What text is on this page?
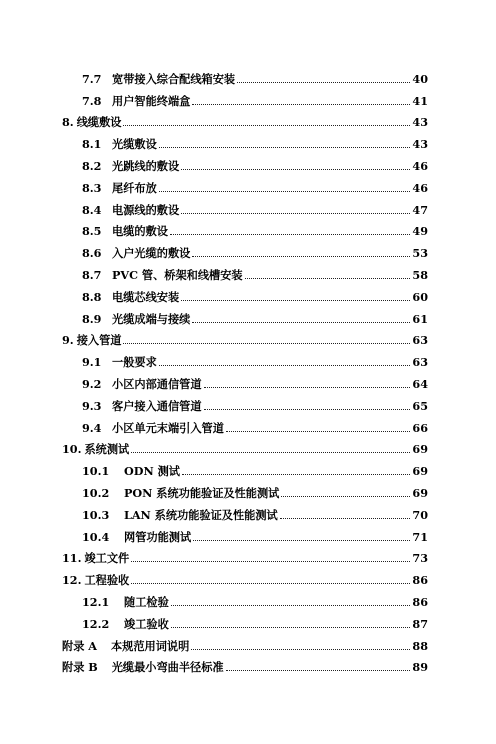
7.7 宽带接入综合配线箱安装	40
7.8 用户智能终端盒	41
8. 线缆敷设	43
8.1 光缆敷设	43
8.2 光跳线的敷设	46
8.3 尾纤布放	46
8.4 电源线的敷设	47
8.5 电缆的敷设	49
8.6 入户光缆的敷设	53
8.7 PVC 管、桥架和线槽安装	58
8.8 电缆芯线安装	60
8.9 光缆成端与接续	61
9. 接入管道	63
9.1 一般要求	63
9.2 小区内部通信管道	64
9.3 客户接入通信管道	65
9.4 小区单元末端引入管道	66
10. 系统测试	69
10.1	ODN 测试	69
10.2	PON 系统功能验证及性能测试	69
10.3	LAN 系统功能验证及性能测试	70
10.4	网管功能测试	71
11. 竣工文件	73
12. 工程验收	86
12.1	随工检验	86
12.2	竣工验收	87
附录 A 本规范用词说明	88
附录 B 光缆最小弯曲半径标准	89
